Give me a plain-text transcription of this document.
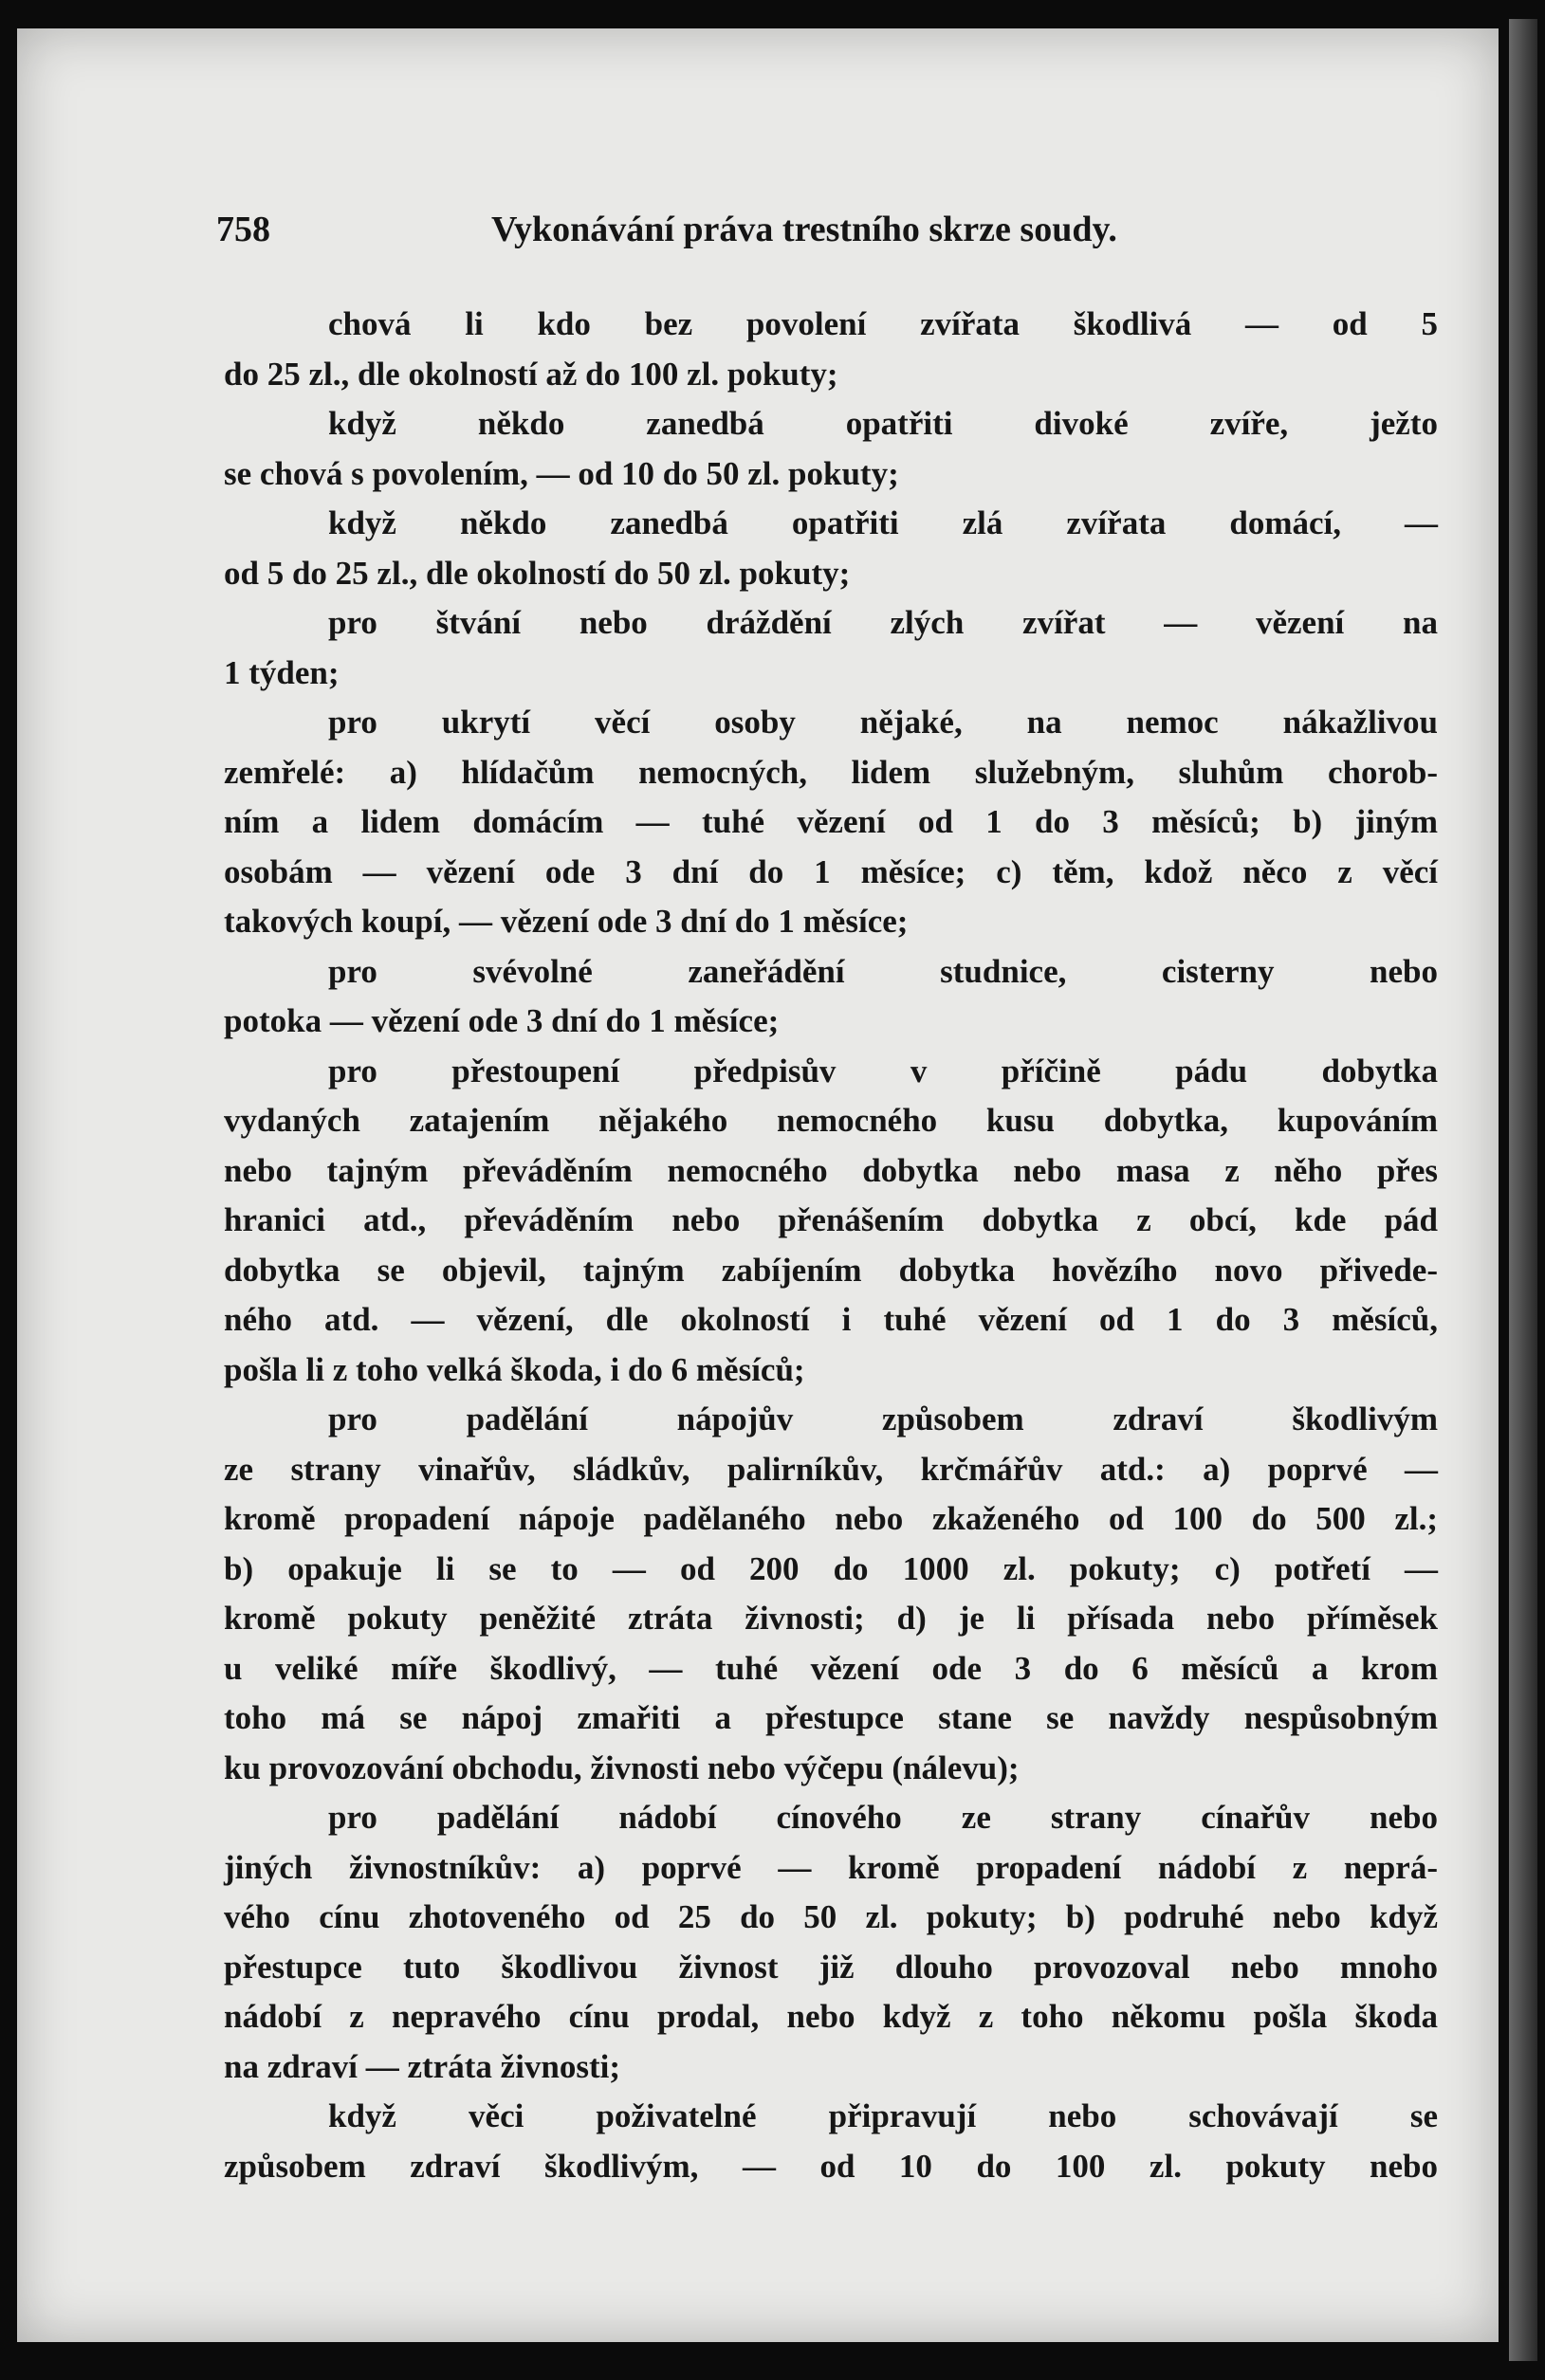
758	Vykonávání práva trestního skrze soudy.
chová li kdo bez povolení zvířata škodlivá — od 5
do 25 zl., dle okolností až do 100 zl. pokuty;
když někdo zanedbá opatřiti divoké zvíře, ježto
se chová s povolením, — od 10 do 50 zl. pokuty;
když někdo zanedbá opatřiti zlá zvířata domácí, —
od 5 do 25 zl., dle okolností do 50 zl. pokuty;
pro štvání nebo dráždění zlých zvířat — vězení na
1 týden;
pro ukrytí věcí osoby nějaké, na nemoc nákažlivou
zemřelé: a) hlídačům nemocných, lidem služebným, sluhům chorob-
ním a lidem domácím — tuhé vězení od 1 do 3 měsíců; b) jiným
osobám — vězení ode 3 dní do 1 měsíce; c) těm, kdož něco z věcí
takových koupí, — vězení ode 3 dní do 1 měsíce;
pro svévolné zaneřádění studnice, cisterny nebo
potoka — vězení ode 3 dní do 1 měsíce;
pro přestoupení předpisův v příčině pádu dobytka
vydaných zatajením nějakého nemocného kusu dobytka, kupováním
nebo tajným převáděním nemocného dobytka nebo masa z něho přes
hranici atd., převáděním nebo přenášením dobytka z obcí, kde pád
dobytka se objevil, tajným zabíjením dobytka hovězího novo přivede-
ného atd. — vězení, dle okolností i tuhé vězení od 1 do 3 měsíců,
pošla li z toho velká škoda, i do 6 měsíců;
pro padělání nápojův způsobem zdraví škodlivým
ze strany vinařův, sládkův, palirníkův, krčmářův atd.: a) poprvé —
kromě propadení nápoje padělaného nebo zkaženého od 100 do 500 zl.;
b) opakuje li se to — od 200 do 1000 zl. pokuty; c) potřetí —
kromě pokuty peněžité ztráta živnosti; d) je li přísada nebo příměsek
u veliké míře škodlivý, — tuhé vězení ode 3 do 6 měsíců a krom
toho má se nápoj zmařiti a přestupce stane se navždy nespůsobným
ku provozování obchodu, živnosti nebo výčepu (nálevu);
pro padělání nádobí cínového ze strany cínařův nebo
jiných živnostníkův: a) poprvé — kromě propadení nádobí z neprá-
vého cínu zhotoveného od 25 do 50 zl. pokuty; b) podruhé nebo když
přestupce tuto škodlivou živnost již dlouho provozoval nebo mnoho
nádobí z nepravého cínu prodal, nebo když z toho někomu pošla škoda
na zdraví — ztráta živnosti;
když věci poživatelné připravují nebo schovávají se
způsobem zdraví škodlivým, — od 10 do 100 zl. pokuty nebo
